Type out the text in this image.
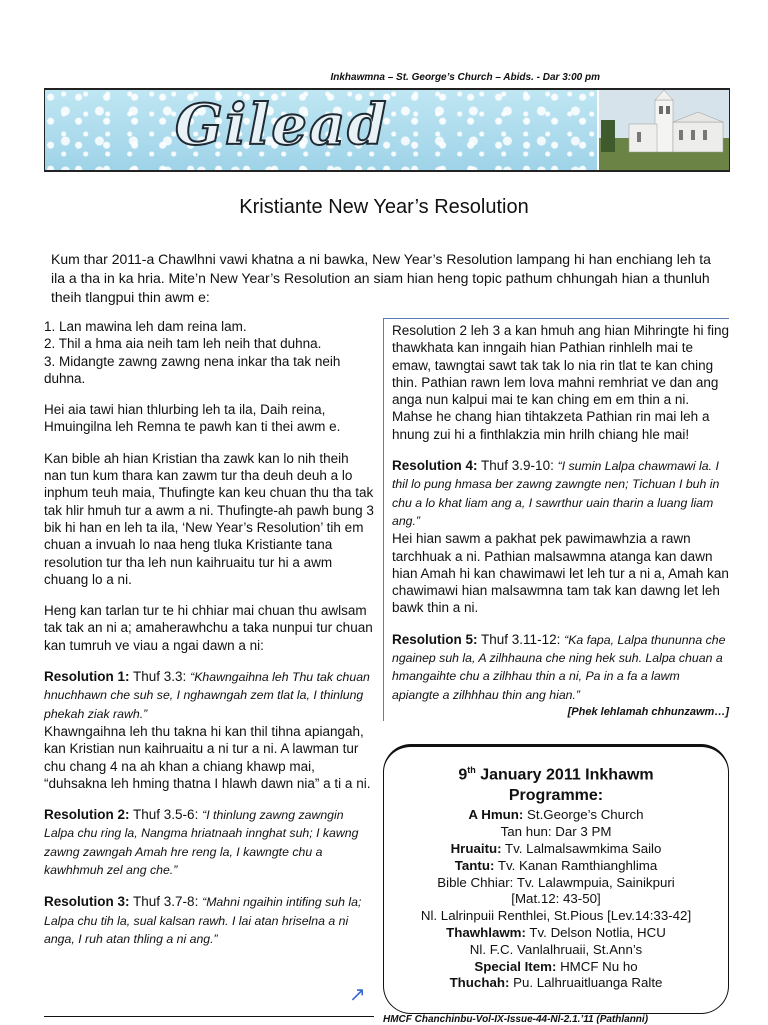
Inkhawmna – St. George’s Church – Abids. - Dar 3:00 pm
Gilead
Kristiante New Year’s Resolution
Kum thar 2011-a Chawlhni vawi khatna a ni bawka, New Year’s Resolution lampang hi han enchiang leh ta ila a tha in ka hria. Mite’n New Year’s Resolution an siam hian heng topic pathum chhungah hian a thunluh theih tlangpui thin awm e:

1. Lan mawina leh dam reina lam.
2. Thil a hma aia neih tam leh neih that duhna.
3. Midangte zawng zawng nena inkar tha tak neih duhna.

Hei aia tawi hian thlurbing leh ta ila, Daih reina, Hmuingilna leh Remna te pawh kan ti thei awm e.

Kan bible ah hian Kristian tha zawk kan lo nih theih nan tun kum thara kan zawm tur tha deuh deuh a lo inphum teuh maia, Thufingte kan keu chuan thu tha tak tak hlir hmuh tur a awm a ni. Thufingte-ah pawh bung 3 bik hi han en leh ta ila, ‘New Year’s Resolution’ tih em chuan a invuah lo naa heng tluka Kristiante tana resolution tur tha leh nun kaihruaitu tur hi a awm chuang lo a ni.

Heng kan tarlan tur te hi chhiar mai chuan thu awlsam tak tak an ni a; amaherawhchu a taka nunpui tur chuan kan tumruh ve viau a ngai dawn a ni:

Resolution 1: Thuf 3.3: “Khawngaihna leh Thu tak chuan hnuchhawn che suh se, I nghawngah zem tlat la, I thinlung phekah ziak rawh.”
Khawngaihna leh thu takna hi kan thil tihna apiangah, kan Kristian nun kaihruaitu a ni tur a ni. A lawman tur chu chang 4 na ah khan a chiang khawp mai, “duhsakna leh hming thatna I hlawh dawn nia” a ti a ni.

Resolution 2: Thuf 3.5-6: “I thinlung zawng zawngin Lalpa chu ring la, Nangma hriatnaah innghat suh; I kawng zawng zawngah Amah hre reng la, I kawngte chu a kawhhmuh zel ang che.”

Resolution 3: Thuf 3.7-8: “Mahni ngaihin intifing suh la; Lalpa chu tih la, sual kalsan rawh. I lai atan hriselna a ni anga, I ruh atan thling a ni ang.”

Resolution 2 leh 3 a kan hmuh ang hian Mihringte hi fing thawkhata kan inngaih hian Pathian rinhlelh mai te emaw, tawngtai sawt tak tak lo nia rin tlat te kan ching thin. Pathian rawn lem lova mahni remhriat ve dan ang anga nun kalpui mai te kan ching em em thin a ni. Mahse he chang hian tihtakzeta Pathian rin mai leh a hnung zui hi a finthlakzia min hrilh chiang hle mai!

Resolution 4: Thuf 3.9-10: “I sumin Lalpa chawmawi la. I thil lo pung hmasa ber zawng zawngte nen; Tichuan I buh in chu a lo khat liam ang a, I sawrthur uain tharin a luang liam ang.”
Hei hian sawm a pakhat pek pawimawhzia a rawn tarchhuak a ni. Pathian malsawmna atanga kan dawn hian Amah hi kan chawimawi let leh tur a ni a, Amah kan chawimawi hian malsawmna tam tak kan dawng let leh bawk thin a ni.

Resolution 5: Thuf 3.11-12: “Ka fapa, Lalpa thununna che ngainep suh la, A zilhhauna che ning hek suh. Lalpa chuan a hmangaihte chu a zilhhau thin a ni, Pa in a fa a lawm apiangte a zilhhhau thin ang hian.”
[Phek lehlamah chhunzawm…]

9th January 2011 Inkhawm
Programme:
A Hmun: St.George’s Church
Tan hun: Dar 3 PM
Hruaitu: Tv. Lalmalsawmkima Sailo
Tantu: Tv. Kanan Ramthianghlima
Bible Chhiar: Tv. Lalawmpuia, Sainikpuri
[Mat.12: 43-50]
Nl. Lalrinpuii Renthlei, St.Pious [Lev.14:33-42]
Thawhlawm: Tv. Delson Notlia, HCU
Nl. F.C. Vanlalhruaii, St.Ann’s
Special Item: HMCF Nu ho
Thuchah: Pu. Lalhruaitluanga Ralte
↗
HMCF Chanchinbu-Vol-IX-Issue-44-Nl-2.1.’11 (Pathlanni)
